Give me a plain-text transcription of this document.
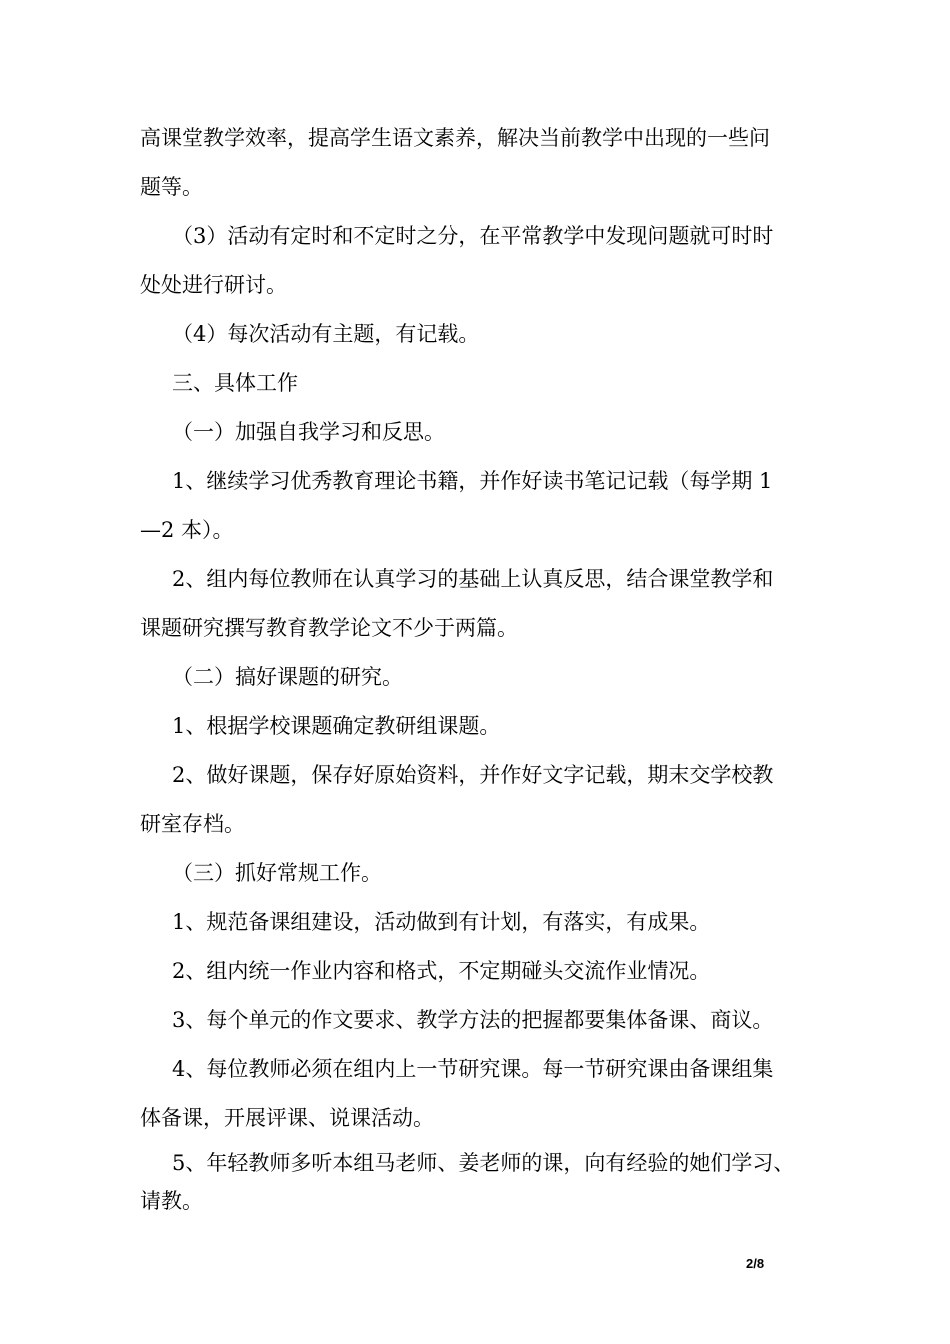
高课堂教学效率，提高学生语文素养，解决当前教学中出现的一些问

题等。

（3）活动有定时和不定时之分，在平常教学中发现问题就可时时

处处进行研讨。

（4）每次活动有主题，有记载。

三、具体工作

（一）加强自我学习和反思。

1、继续学习优秀教育理论书籍，并作好读书笔记记载（每学期 1

—2 本）。

2、组内每位教师在认真学习的基础上认真反思，结合课堂教学和

课题研究撰写教育教学论文不少于两篇。

（二）搞好课题的研究。

1、根据学校课题确定教研组课题。

2、做好课题，保存好原始资料，并作好文字记载，期末交学校教

研室存档。

（三）抓好常规工作。

1、规范备课组建设，活动做到有计划，有落实，有成果。

2、组内统一作业内容和格式，不定期碰头交流作业情况。

3、每个单元的作文要求、教学方法的把握都要集体备课、商议。

4、每位教师必须在组内上一节研究课。每一节研究课由备课组集

体备课，开展评课、说课活动。

5、年轻教师多听本组马老师、姜老师的课，向有经验的她们学习、

请教。

2/8
